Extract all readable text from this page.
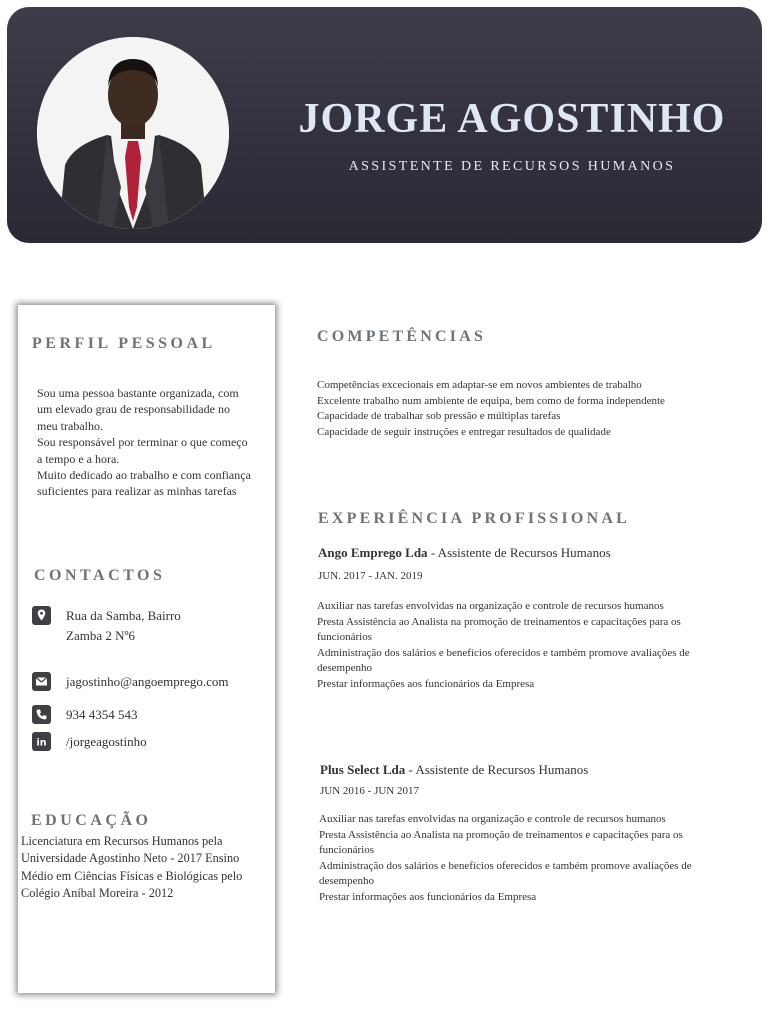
JORGE AGOSTINHO
ASSISTENTE DE RECURSOS HUMANOS
PERFIL PESSOAL
Sou uma pessoa bastante organizada, com um elevado grau de responsabilidade no meu trabalho.
Sou responsável por terminar o que começo a tempo e a hora.
Muito dedicado ao trabalho e com confiança suficientes para realizar as minhas tarefas
CONTACTOS
Rua da Samba, Bairro
Zamba 2 Nº6
jagostinho@angoemprego.com
934 4354 543
in /jorgeagostinho
EDUCAÇÃO
Licenciatura em Recursos Humanos pela Universidade Agostinho Neto - 2017 Ensino Médio em Ciências Físicas e Biológicas pelo Colégio Aníbal Moreira - 2012
COMPETÊNCIAS
Competências excecionais em adaptar-se em novos ambientes de trabalho
Excelente trabalho num ambiente de equipa, bem como de forma independente
Capacidade de trabalhar sob pressão e múltiplas tarefas
Capacidade de seguir instruções e entregar resultados de qualidade
EXPERIÊNCIA PROFISSIONAL
Ango Emprego Lda - Assistente de Recursos Humanos
JUN. 2017 - JAN. 2019
Auxiliar nas tarefas envolvidas na organização e controle de recursos humanos
Presta Assistência ao Analista na promoção de treinamentos e capacitações para os funcionários
Administração dos salários e benefícios oferecidos e também promove avaliações de desempenho
Prestar informações aos funcionários da Empresa
Plus Select Lda - Assistente de Recursos Humanos
JUN 2016 - JUN 2017
Auxiliar nas tarefas envolvidas na organização e controle de recursos humanos
Presta Assistência ao Analista na promoção de treinamentos e capacitações para os funcionários
Administração dos salários e benefícios oferecidos e também promove avaliações de desempenho
Prestar informações aos funcionários da Empresa
